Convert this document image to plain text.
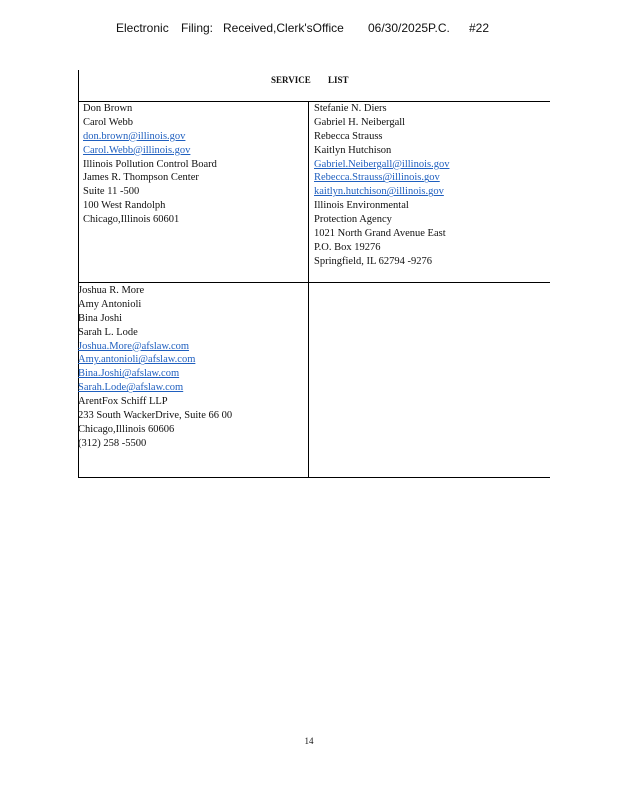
Electronic Filing: Received,Clerk'sOffice 06/30/2025P.C. #22
SERVICE LIST
Don Brown
Carol Webb
don.brown@illinois.gov
Carol.Webb@illinois.gov
Illinois Pollution Control Board
James R. Thompson Center
Suite 11 -500
100 West Randolph
Chicago,Illinois 60601
Stefanie N. Diers
Gabriel H. Neibergall
Rebecca Strauss
Kaitlyn Hutchison
Gabriel.Neibergall@illinois.gov
Rebecca.Strauss@illinois.gov
kaitlyn.hutchison@illinois.gov
Illinois Environmental
Protection Agency
1021 North Grand Avenue East
P.O. Box 19276
Springfield, IL 62794 -9276
Joshua R. More
Amy Antonioli
Bina Joshi
Sarah L. Lode
Joshua.More@afslaw.com
Amy.antonioli@afslaw.com
Bina.Joshi@afslaw.com
Sarah.Lode@afslaw.com
ArentFox Schiff LLP
233 South WackerDrive, Suite 66 00
Chicago,Illinois 60606
(312) 258 -5500
14
